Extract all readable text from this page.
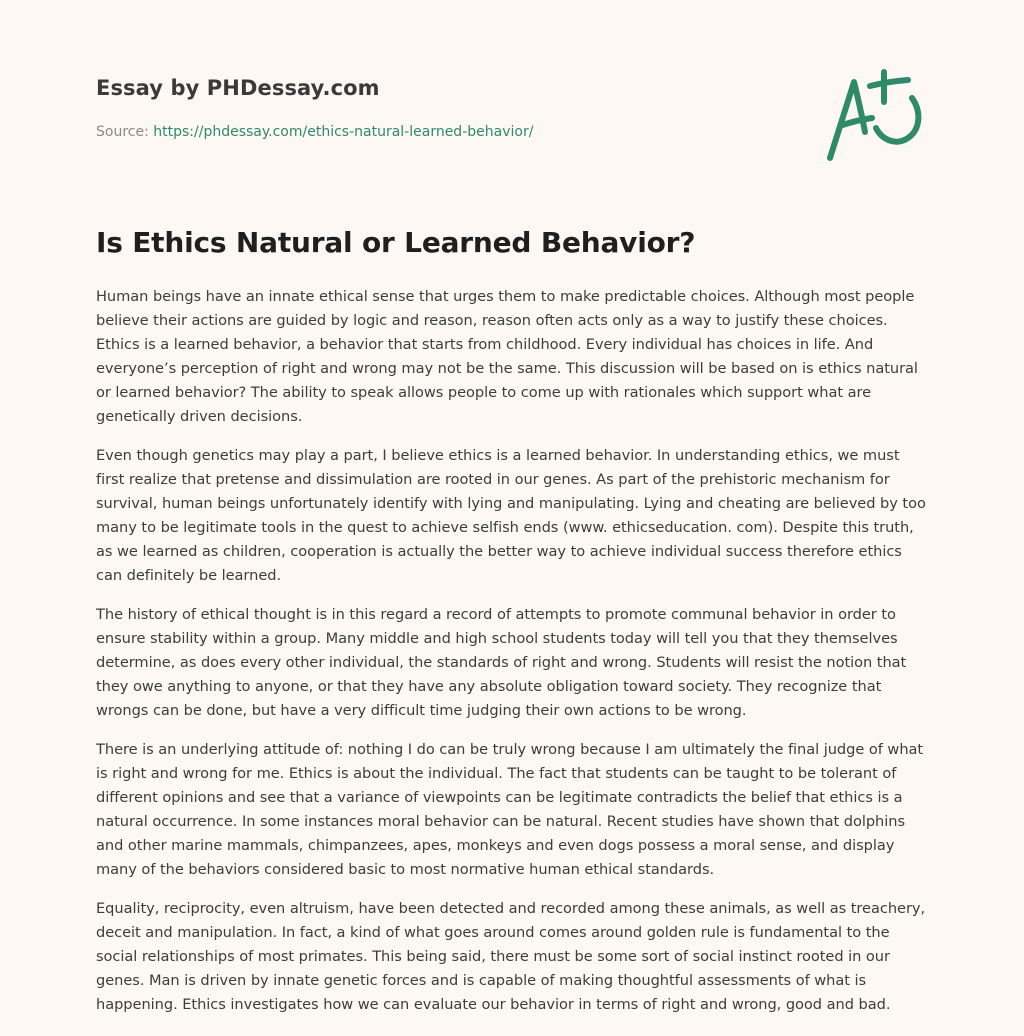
Essay by PHDessay.com
Source: https://phdessay.com/ethics-natural-learned-behavior/
Is Ethics Natural or Learned Behavior?

Human beings have an innate ethical sense that urges them to make predictable choices. Although most people believe their actions are guided by logic and reason, reason often acts only as a way to justify these choices. Ethics is a learned behavior, a behavior that starts from childhood. Every individual has choices in life. And everyone’s perception of right and wrong may not be the same. This discussion will be based on is ethics natural or learned behavior? The ability to speak allows people to come up with rationales which support what are genetically driven decisions.

Even though genetics may play a part, I believe ethics is a learned behavior. In understanding ethics, we must first realize that pretense and dissimulation are rooted in our genes. As part of the prehistoric mechanism for survival, human beings unfortunately identify with lying and manipulating. Lying and cheating are believed by too many to be legitimate tools in the quest to achieve selfish ends (www. ethicseducation. com). Despite this truth, as we learned as children, cooperation is actually the better way to achieve individual success therefore ethics can definitely be learned.

The history of ethical thought is in this regard a record of attempts to promote communal behavior in order to ensure stability within a group. Many middle and high school students today will tell you that they themselves determine, as does every other individual, the standards of right and wrong. Students will resist the notion that they owe anything to anyone, or that they have any absolute obligation toward society. They recognize that wrongs can be done, but have a very difficult time judging their own actions to be wrong.

There is an underlying attitude of: nothing I do can be truly wrong because I am ultimately the final judge of what is right and wrong for me. Ethics is about the individual. The fact that students can be taught to be tolerant of different opinions and see that a variance of viewpoints can be legitimate contradicts the belief that ethics is a natural occurrence. In some instances moral behavior can be natural. Recent studies have shown that dolphins and other marine mammals, chimpanzees, apes, monkeys and even dogs possess a moral sense, and display many of the behaviors considered basic to most normative human ethical standards.

Equality, reciprocity, even altruism, have been detected and recorded among these animals, as well as treachery, deceit and manipulation. In fact, a kind of what goes around comes around golden rule is fundamental to the social relationships of most primates. This being said, there must be some sort of social instinct rooted in our genes. Man is driven by innate genetic forces and is capable of making thoughtful assessments of what is happening. Ethics investigates how we can evaluate our behavior in terms of right and wrong, good and bad.
